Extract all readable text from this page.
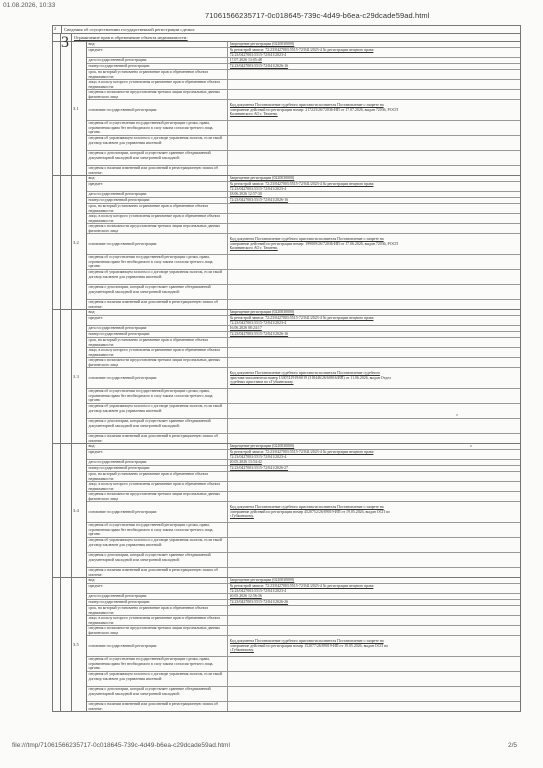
01.08.2026, 10:33
71061566235717-0c018645-739c-4d49-b6ea-c29dcade59ad.html
2	Сведения об осуществлении государственной регистрации сделки:
3	Ограничение прав и обременение объекта недвижимости:
3.1
вид:	Запрещение регистрации (0220030000)
предмет:	№ регистрой записи: 72:23/0427003:5515-72/041/2023-4 № регистрации вещного права
72:23/0427003:5515-72/041/2023-4
дата государственной регистрации:	17.07.2026 13:05:48
номер государственной регистрации:	72:23/0427003:5515-72/041/2026-16
срок, на который установлено ограничение прав и обременение объекта недвижимости:
лицо, в пользу которого установлены ограничение прав и обременение объекта недвижимости:
сведения о возможности предоставления третьим лицам персональных данных физического лица
основание государственной регистрации:
Код документа Постановление судебного пристава-исполнителя Постановление о запрете на
совершение действий по регистрации номер: 217223/26/72036-ИП от 17.07.2026, выдан 72036, РОСП
Калининского АО г. Тюмени.
сведения об осуществлении государственной регистрации сделки, права, ограничения права без необходимого в силу закона согласия третьего лица, органа:
сведения об управляющем залогом и о договоре управления залогом, если такой договор заключен для управления ипотекой:
сведения о депозитарии, который осуществляет хранение обездвиженной документарной закладной или электронной закладной:
сведения о наличии изменений или дополнений в регистрационную запись об ипотеке:
3.2
вид:	Запрещение регистрации (0220030000)
предмет:	№ регистрой записи: 72:23/0427003:5515-72/041/2023-4 № регистрации вещного права
72:23/0427003:5515-72/041/2023-4
дата государственной регистрации:	18.06.2026 12:57:30
номер государственной регистрации:	72:23/0427003:5515-72/041/2026-16
срок, на который установлено ограничение прав и обременение объекта недвижимости:
лицо, в пользу которого установлены ограничение прав и обременение объекта недвижимости:
сведения о возможности предоставления третьим лицам персональных данных физического лица
основание государственной регистрации:
Код документа Постановление судебного пристава-исполнителя Постановление о запрете на
совершение действий по регистрации номер: 199009/26/72036-ИП от 17.06.2026, выдан 72036, РОСП
Калининского АО г. Тюмени.
сведения об осуществлении государственной регистрации сделки, права, ограничения права без необходимого в силу закона согласия третьего лица, органа:
сведения об управляющем залогом и о договоре управления залогом, если такой договор заключен для управления ипотекой:
сведения о депозитарии, который осуществляет хранение обездвиженной документарной закладной или электронной закладной:
сведения о наличии изменений или дополнений в регистрационную запись об ипотеке:
3.3
вид:	Запрещение регистрации (0220030000)
предмет:	№ регистрой записи: 72:23/0427003:5515-72/041/2023-4 № регистрации вещного права
72:23/0427003:5515-72/041/2023-4
дата государственной регистрации:	16.06.2026 08:24:17
номер государственной регистрации:	72:23/0427003:5515-72/041/2026-16
срок, на который установлено ограничение прав и обременение объекта недвижимости:
лицо, в пользу которого установлены ограничение прав и обременение объекта недвижимости:
сведения о возможности предоставления третьим лицам персональных данных физического лица
основание государственной регистрации:
Код документа Постановление судебного пристава-исполнителя Постановление судебного
пристава-исполнителя номер 1330741919/6019 (318446/26/60016/ИП) от 11.06.2026, выдан Отдел
судебных приставов по г.Губкинскому.
сведения об осуществлении государственной регистрации сделки, права, ограничения права без необходимого в силу закона согласия третьего лица, органа:
сведения об управляющем залогом и о договоре управления залогом, если такой договор заключен для управления ипотекой:
сведения о депозитарии, который осуществляет хранение обездвиженной документарной закладной или электронной закладной:
сведения о наличии изменений или дополнений в регистрационную запись об ипотеке:
3.4
вид:	Запрещение регистрации (0220030000)
предмет:	№ регистрой записи: 72:23/0427003:5515-72/041/2023-4 № регистрации вещного права
72:23/0427003:5515-72/041/2023-4
дата государственной регистрации:	20.05.2026 13:54:42
номер государственной регистрации:	72:23/0427003:5515-72/041/2026-27
срок, на который установлено ограничение прав и обременение объекта недвижимости:
лицо, в пользу которого установлены ограничение прав и обременение объекта недвижимости:
сведения о возможности предоставления третьим лицам персональных данных физического лица
основание государственной регистрации:
Код документа Постановление судебного пристава-исполнителя Постановление о запрете на
совершение действий по регистрации номер 4520752/26/89019-ИП от 19.05.2026, выдан ОСП по
г.Губкинскому.
сведения об осуществлении государственной регистрации сделки, права, ограничения права без необходимого в силу закона согласия третьего лица, органа:
сведения об управляющем залогом и о договоре управления залогом, если такой договор заключен для управления ипотекой:
сведения о депозитарии, который осуществляет хранение обездвиженной документарной закладной или электронной закладной:
сведения о наличии изменений или дополнений в регистрационную запись об ипотеке:
3.5
вид:	Запрещение регистрации (0220030000)
предмет:	№ регистрой записи: 72:23/0427003:5515-72/041/2023-4 № регистрации вещного права
72:23/0427003:5515-72/041/2023-4
дата государственной регистрации:	20.05.2026 12:56:36
номер государственной регистрации:	72:23/0427003:5515-72/041/2026-26
срок, на который установлено ограничение прав и обременение объекта недвижимости:
лицо, в пользу которого установлены ограничение прав и обременение объекта недвижимости:
сведения о возможности предоставления третьим лицам персональных данных физического лица
основание государственной регистрации:
Код документа Постановление судебного пристава-исполнителя Постановление о запрете на
совершение действий по регистрации номер 152077/26/89019-ИП от 19.05.2026, выдан ОСП по
г.Губкинскому.
сведения об осуществлении государственной регистрации сделки, права, ограничения права без необходимого в силу закона согласия третьего лица, органа:
сведения об управляющем залогом и о договоре управления залогом, если такой договор заключен для управления ипотекой:
сведения о депозитарии, который осуществляет хранение обездвиженной документарной закладной или электронной закладной:
сведения о наличии изменений или дополнений в регистрационную запись об ипотеке:
file:///tmp/71061566235717-0c018645-739c-4d49-b6ea-c29dcade59ad.html	2/5
